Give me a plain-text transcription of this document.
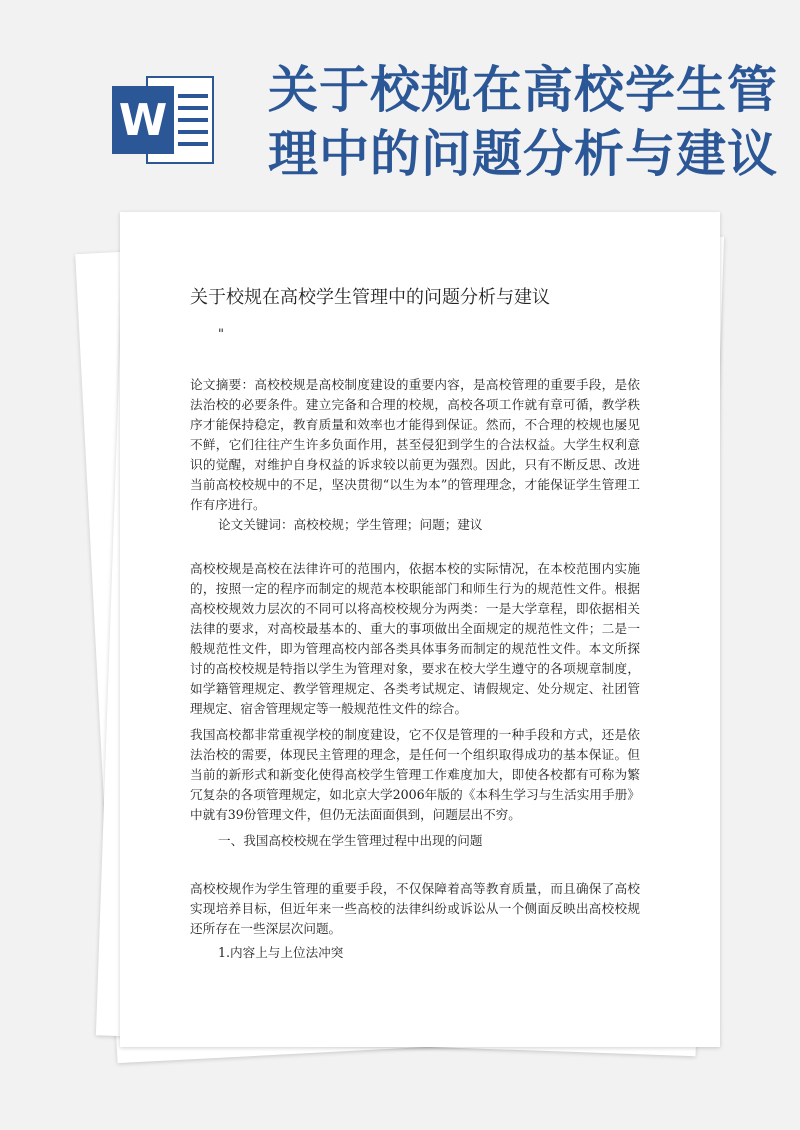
W
关于校规在高校学生管
理中的问题分析与建议
关于校规在高校学生管理中的问题分析与建议
"

论文摘要：高校校规是高校制度建设的重要内容，是高校管理的重要手段，是依法治校的必要条件。建立完备和合理的校规，高校各项工作就有章可循，教学秩序才能保持稳定，教育质量和效率也才能得到保证。然而，不合理的校规也屡见不鲜，它们往往产生许多负面作用，甚至侵犯到学生的合法权益。大学生权利意识的觉醒，对维护自身权益的诉求较以前更为强烈。因此，只有不断反思、改进当前高校校规中的不足，坚决贯彻“以生为本”的管理理念，才能保证学生管理工作有序进行。

论文关键词：高校校规；学生管理；问题；建议

高校校规是高校在法律许可的范围内，依据本校的实际情况，在本校范围内实施的，按照一定的程序而制定的规范本校职能部门和师生行为的规范性文件。根据高校校规效力层次的不同可以将高校校规分为两类：一是大学章程，即依据相关法律的要求，对高校最基本的、重大的事项做出全面规定的规范性文件；二是一般规范性文件，即为管理高校内部各类具体事务而制定的规范性文件。本文所探讨的高校校规是特指以学生为管理对象，要求在校大学生遵守的各项规章制度，如学籍管理规定、教学管理规定、各类考试规定、请假规定、处分规定、社团管理规定、宿舍管理规定等一般规范性文件的综合。

我国高校都非常重视学校的制度建设，它不仅是管理的一种手段和方式，还是依法治校的需要，体现民主管理的理念，是任何一个组织取得成功的基本保证。但当前的新形式和新变化使得高校学生管理工作难度加大，即使各校都有可称为繁冗复杂的各项管理规定，如北京大学2006年版的《本科生学习与生活实用手册》中就有39份管理文件，但仍无法面面俱到，问题层出不穷。

一、我国高校校规在学生管理过程中出现的问题

高校校规作为学生管理的重要手段，不仅保障着高等教育质量，而且确保了高校实现培养目标，但近年来一些高校的法律纠纷或诉讼从一个侧面反映出高校校规还所存在一些深层次问题。

1.内容上与上位法冲突
